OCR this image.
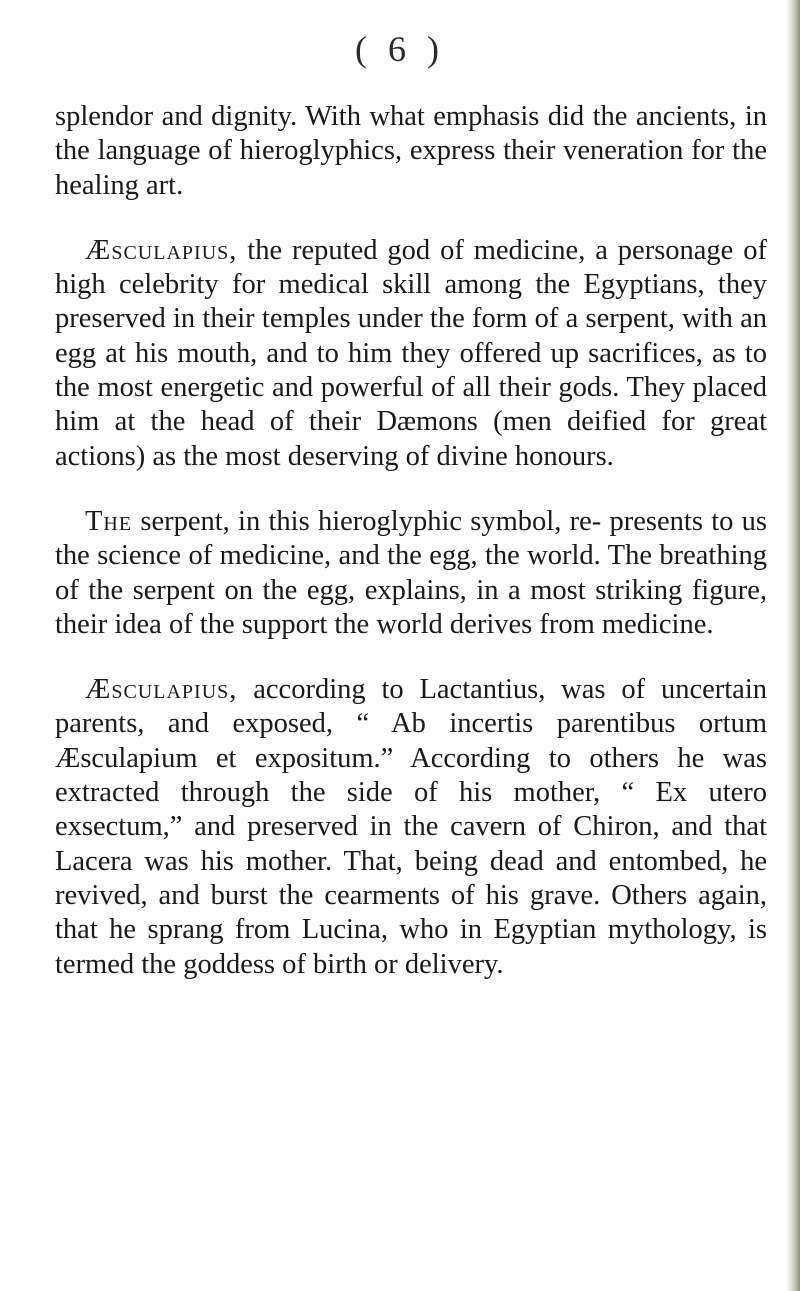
( 6 )

splendor and dignity. With what emphasis did the ancients, in the language of hieroglyphics, express their veneration for the healing art.

Æsculapius, the reputed god of medicine, a personage of high celebrity for medical skill among the Egyptians, they preserved in their temples under the form of a serpent, with an egg at his mouth, and to him they offered up sacrifices, as to the most energetic and powerful of all their gods. They placed him at the head of their Dæmons (men deified for great actions) as the most deserving of divine honours.

The serpent, in this hieroglyphic symbol, re- presents to us the science of medicine, and the egg, the world. The breathing of the serpent on the egg, explains, in a most striking figure, their idea of the support the world derives from medicine.

Æsculapius, according to Lactantius, was of uncertain parents, and exposed, “ Ab incertis parentibus ortum Æsculapium et expositum.” According to others he was extracted through the side of his mother, “ Ex utero exsectum,” and preserved in the cavern of Chiron, and that Lacera was his mother. That, being dead and entombed, he revived, and burst the cearments of his grave. Others again, that he sprang from Lucina, who in Egyptian mythology, is termed the goddess of birth or delivery.
